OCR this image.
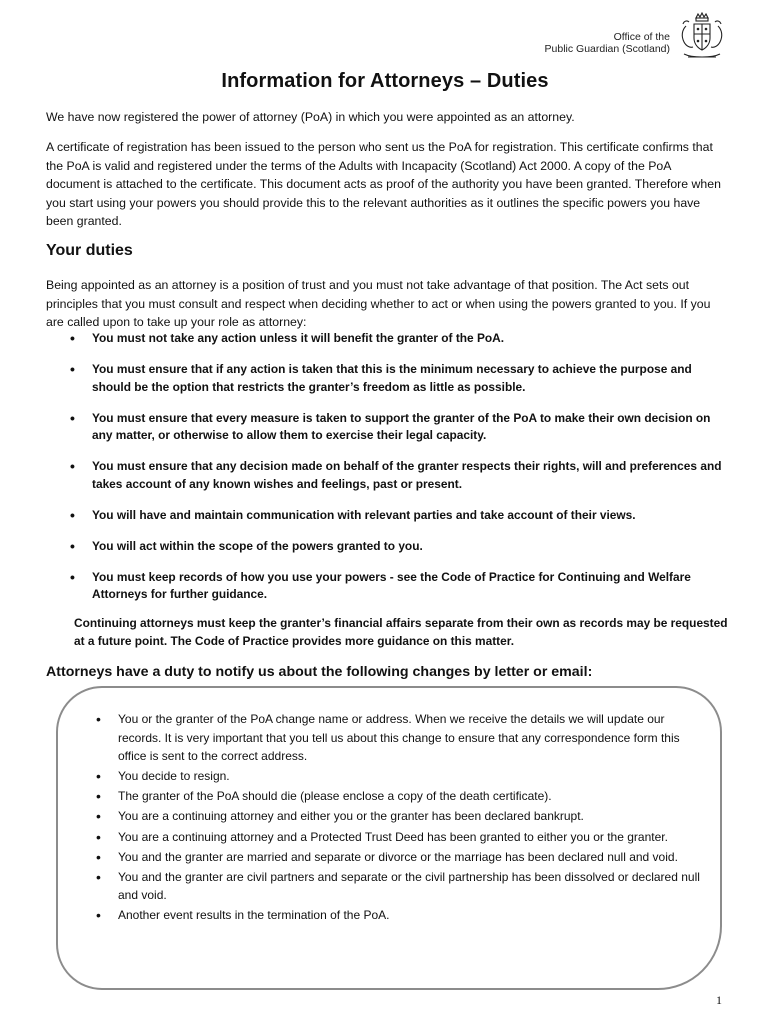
Office of the
Public Guardian (Scotland)
Information for Attorneys – Duties

We have now registered the power of attorney (PoA) in which you were appointed as an attorney.

A certificate of registration has been issued to the person who sent us the PoA for registration. This certificate confirms that the PoA is valid and registered under the terms of the Adults with Incapacity (Scotland) Act 2000. A copy of the PoA document is attached to the certificate. This document acts as proof of the authority you have been granted. Therefore when you start using your powers you should provide this to the relevant authorities as it outlines the specific powers you have been granted.

Your duties

Being appointed as an attorney is a position of trust and you must not take advantage of that position. The Act sets out principles that you must consult and respect when deciding whether to act or when using the powers granted to you. If you are called upon to take up your role as attorney:

• You must not take any action unless it will benefit the granter of the PoA.
• You must ensure that if any action is taken that this is the minimum necessary to achieve the purpose and should be the option that restricts the granter’s freedom as little as possible.
• You must ensure that every measure is taken to support the granter of the PoA to make their own decision on any matter, or otherwise to allow them to exercise their legal capacity.
• You must ensure that any decision made on behalf of the granter respects their rights, will and preferences and takes account of any known wishes and feelings, past or present.
• You will have and maintain communication with relevant parties and take account of their views.
• You will act within the scope of the powers granted to you.
• You must keep records of how you use your powers - see the Code of Practice for Continuing and Welfare Attorneys for further guidance.

Continuing attorneys must keep the granter’s financial affairs separate from their own as records may be requested at a future point. The Code of Practice provides more guidance on this matter.

Attorneys have a duty to notify us about the following changes by letter or email:
• You or the granter of the PoA change name or address. When we receive the details we will update our records. It is very important that you tell us about this change to ensure that any correspondence form this office is sent to the correct address.
• You decide to resign.
• The granter of the PoA should die (please enclose a copy of the death certificate).
• You are a continuing attorney and either you or the granter has been declared bankrupt.
• You are a continuing attorney and a Protected Trust Deed has been granted to either you or the granter.
• You and the granter are married and separate or divorce or the marriage has been declared null and void.
• You and the granter are civil partners and separate or the civil partnership has been dissolved or declared null and void.
• Another event results in the termination of the PoA.
1
